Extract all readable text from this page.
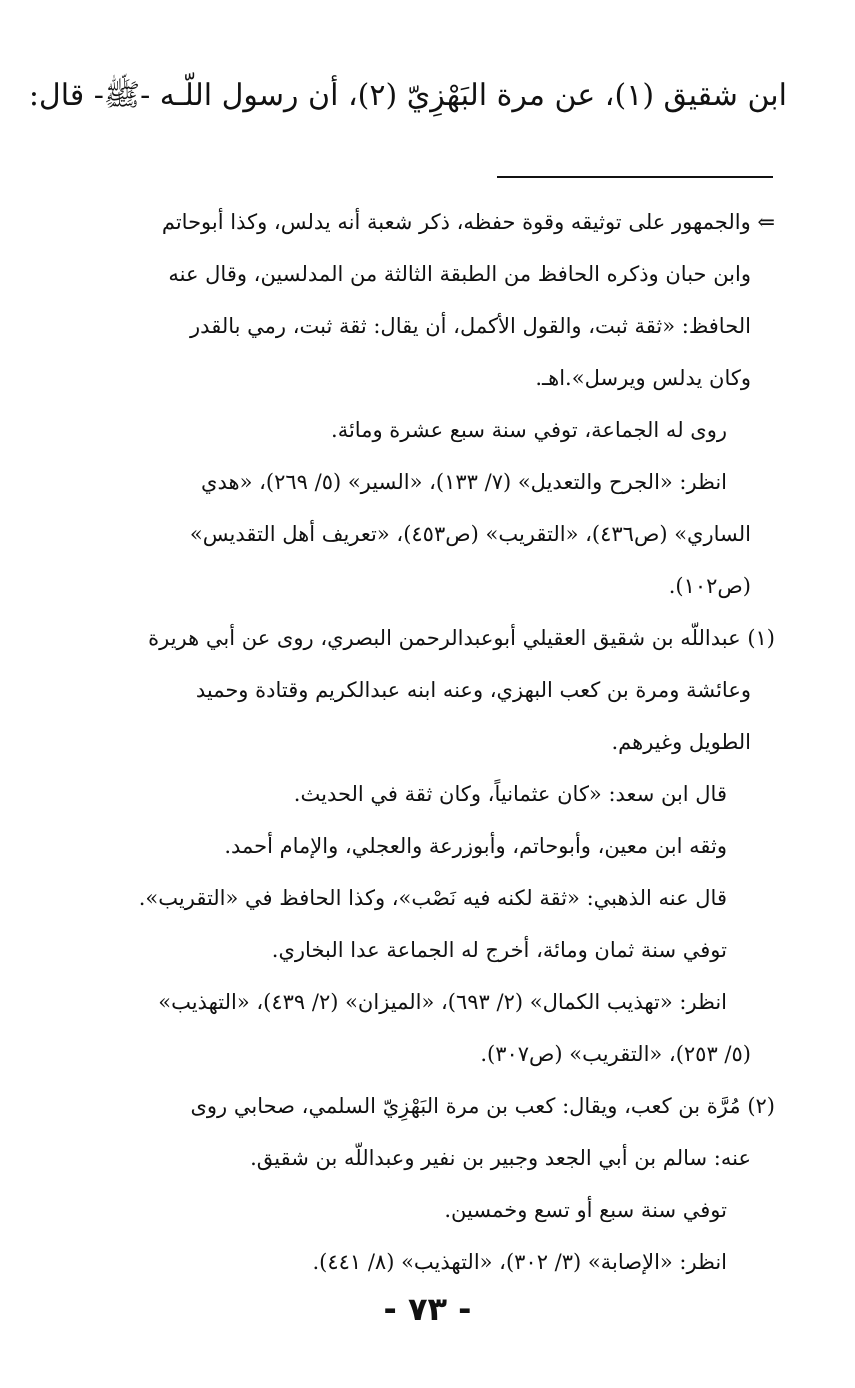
ابن شقيق (١)، عن مرة البَهْزِيّ (٢)، أن رسول اللّـه -ﷺ- قال:
⇐ والجمهور على توثيقه وقوة حفظه، ذكر شعبة أنه يدلس، وكذا أبوحاتم
وابن حبان وذكره الحافظ من الطبقة الثالثة من المدلسين، وقال عنه
الحافظ: «ثقة ثبت، والقول الأكمل، أن يقال: ثقة ثبت، رمي بالقدر
وكان يدلس ويرسل».اهـ.
روى له الجماعة، توفي سنة سبع عشرة ومائة.
انظر: «الجرح والتعديل» (٧/ ١٣٣)، «السير» (٥/ ٢٦٩)، «هدي
الساري» (ص٤٣٦)، «التقريب» (ص٤٥٣)، «تعريف أهل التقديس»
(ص١٠٢).
(١) عبداللّه بن شقيق العقيلي أبوعبدالرحمن البصري، روى عن أبي هريرة
وعائشة ومرة بن كعب البهزي، وعنه ابنه عبدالكريم وقتادة وحميد
الطويل وغيرهم.
قال ابن سعد: «كان عثمانياً، وكان ثقة في الحديث.
وثقه ابن معين، وأبوحاتم، وأبوزرعة والعجلي، والإمام أحمد.
قال عنه الذهبي: «ثقة لكنه فيه نَصْب»، وكذا الحافظ في «التقريب».
توفي سنة ثمان ومائة، أخرج له الجماعة عدا البخاري.
انظر: «تهذيب الكمال» (٢/ ٦٩٣)، «الميزان» (٢/ ٤٣٩)، «التهذيب»
(٥/ ٢٥٣)، «التقريب» (ص٣٠٧).
(٢) مُرَّة بن كعب، ويقال: كعب بن مرة البَهْزِيّ السلمي، صحابي روى
عنه: سالم بن أبي الجعد وجبير بن نفير وعبداللّه بن شقيق.
توفي سنة سبع أو تسع وخمسين.
انظر: «الإصابة» (٣/ ٣٠٢)، «التهذيب» (٨/ ٤٤١).
- ٧٣ -
